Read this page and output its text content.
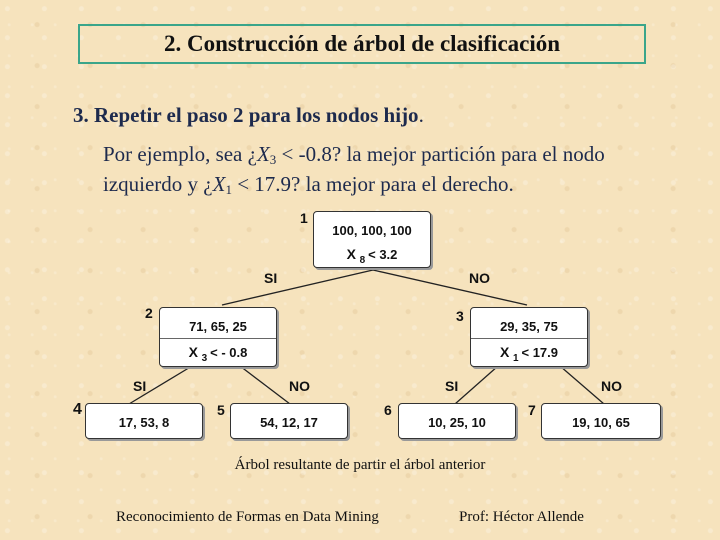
2. Construcción de árbol de clasificación
3. Repetir el paso 2 para los nodos hijo.
Por ejemplo, sea ¿$X_3 < -0.8$? la mejor partición para el nodo izquierdo y ¿$X_1 < 17.9$? la mejor para el derecho.
1
100, 100, 100
X $_8$ < 3.2
SI	NO
2
71, 65, 25
X $_3$ < - 0.8
3
29, 35, 75
X $_1$ < 17.9
SI	NO	SI	NO
4
17, 53, 8
5
54, 12, 17
6
10, 25, 10
7
19, 10, 65
Árbol resultante de partir el árbol anterior
Reconocimiento de Formas en Data Mining	Prof: Héctor Allende
